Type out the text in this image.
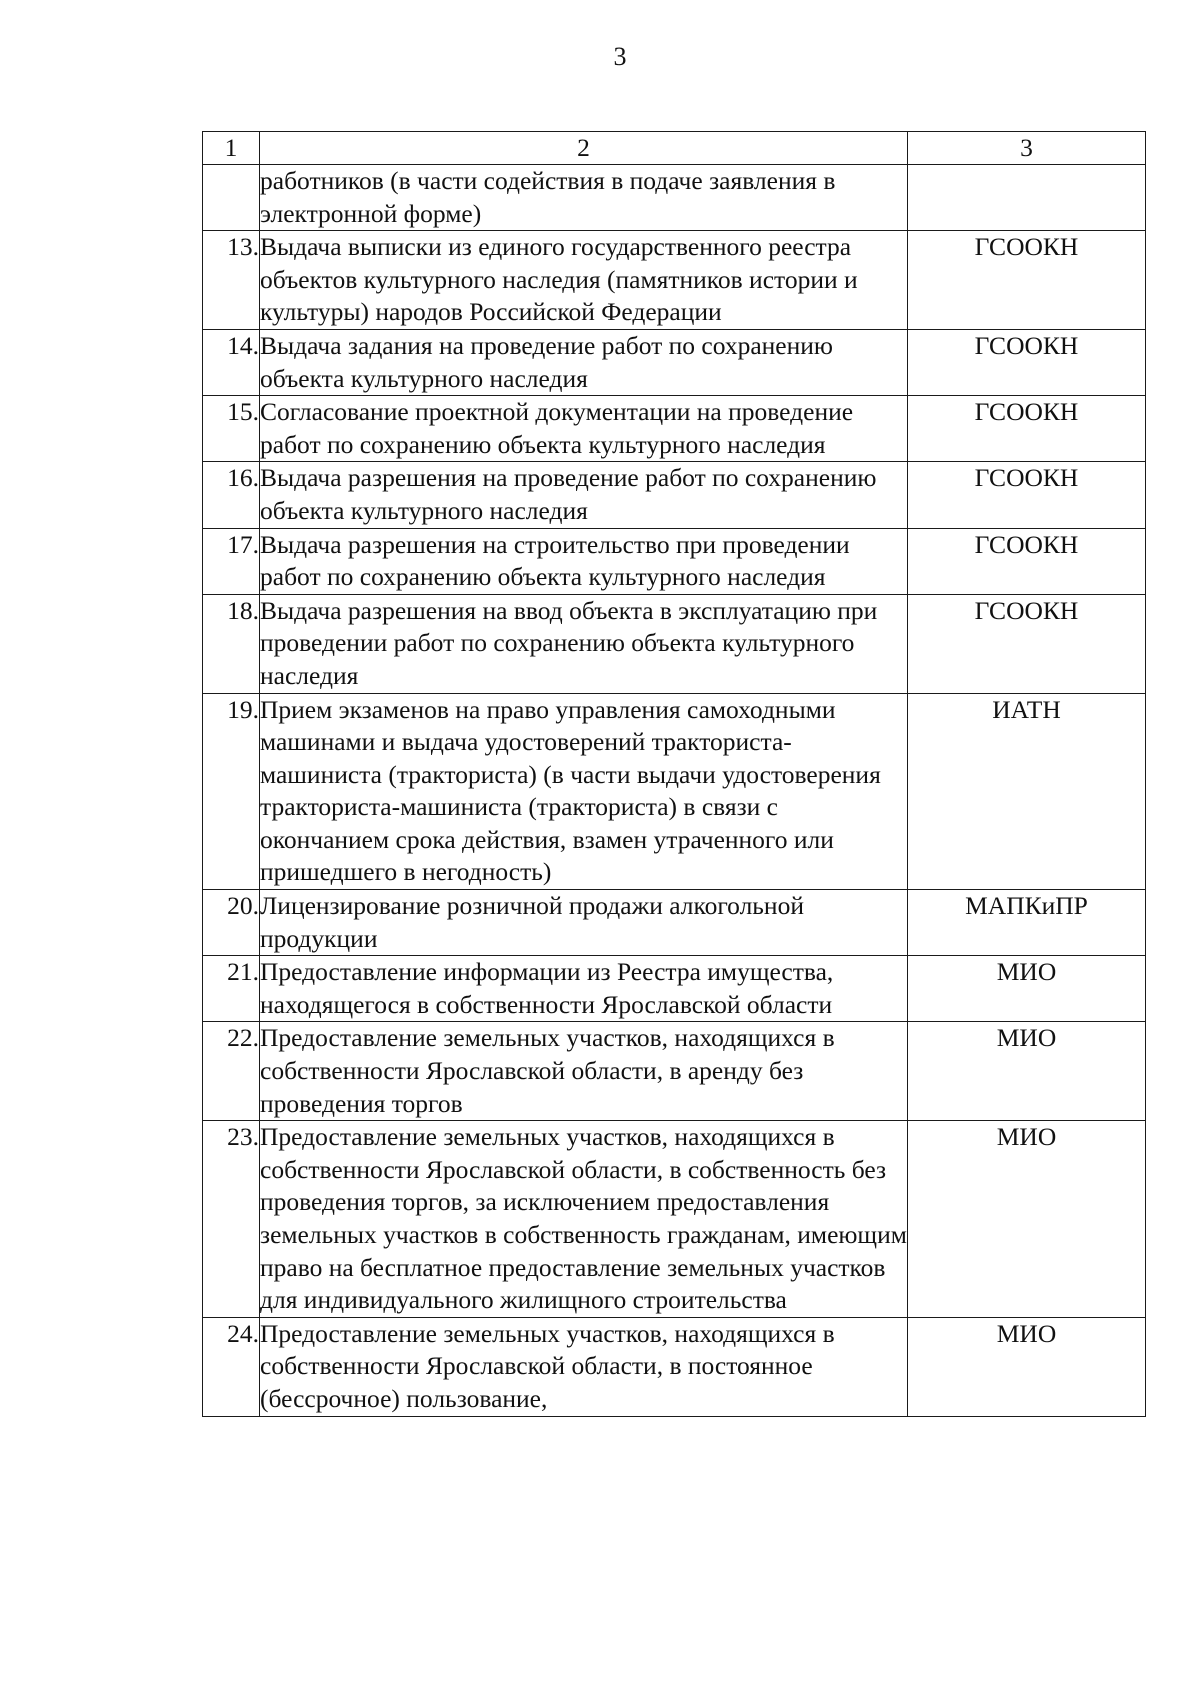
3
1	2	3
	работников (в части содействия в подаче заявления в электронной форме)	
13.	Выдача выписки из единого государственного реестра объектов культурного наследия (памятников истории и культуры) народов Российской Федерации	ГСООКН
14.	Выдача задания на проведение работ по сохранению объекта культурного наследия	ГСООКН
15.	Согласование проектной документации на проведение работ по сохранению объекта культурного наследия	ГСООКН
16.	Выдача разрешения на проведение работ по сохранению объекта культурного наследия	ГСООКН
17.	Выдача разрешения на строительство при проведении работ по сохранению объекта культурного наследия	ГСООКН
18.	Выдача разрешения на ввод объекта в эксплуатацию при проведении работ по сохранению объекта культурного наследия	ГСООКН
19.	Прием экзаменов на право управления самоходными машинами и выдача удостоверений тракториста-машиниста (тракториста) (в части выдачи удостоверения тракториста-машиниста (тракториста) в связи с окончанием срока действия, взамен утраченного или пришедшего в негодность)	ИАТН
20.	Лицензирование розничной продажи алкогольной продукции	МАПКиПР
21.	Предоставление информации из Реестра имущества, находящегося в собственности Ярославской области	МИО
22.	Предоставление земельных участков, находящихся в собственности Ярославской области, в аренду без проведения торгов	МИО
23.	Предоставление земельных участков, находящихся в собственности Ярославской области, в собственность без проведения торгов, за исключением предоставления земельных участков в собственность гражданам, имеющим право на бесплатное предоставление земельных участков для индивидуального жилищного строительства	МИО
24.	Предоставление земельных участков, находящихся в собственности Ярославской области, в постоянное (бессрочное) пользование,	МИО
